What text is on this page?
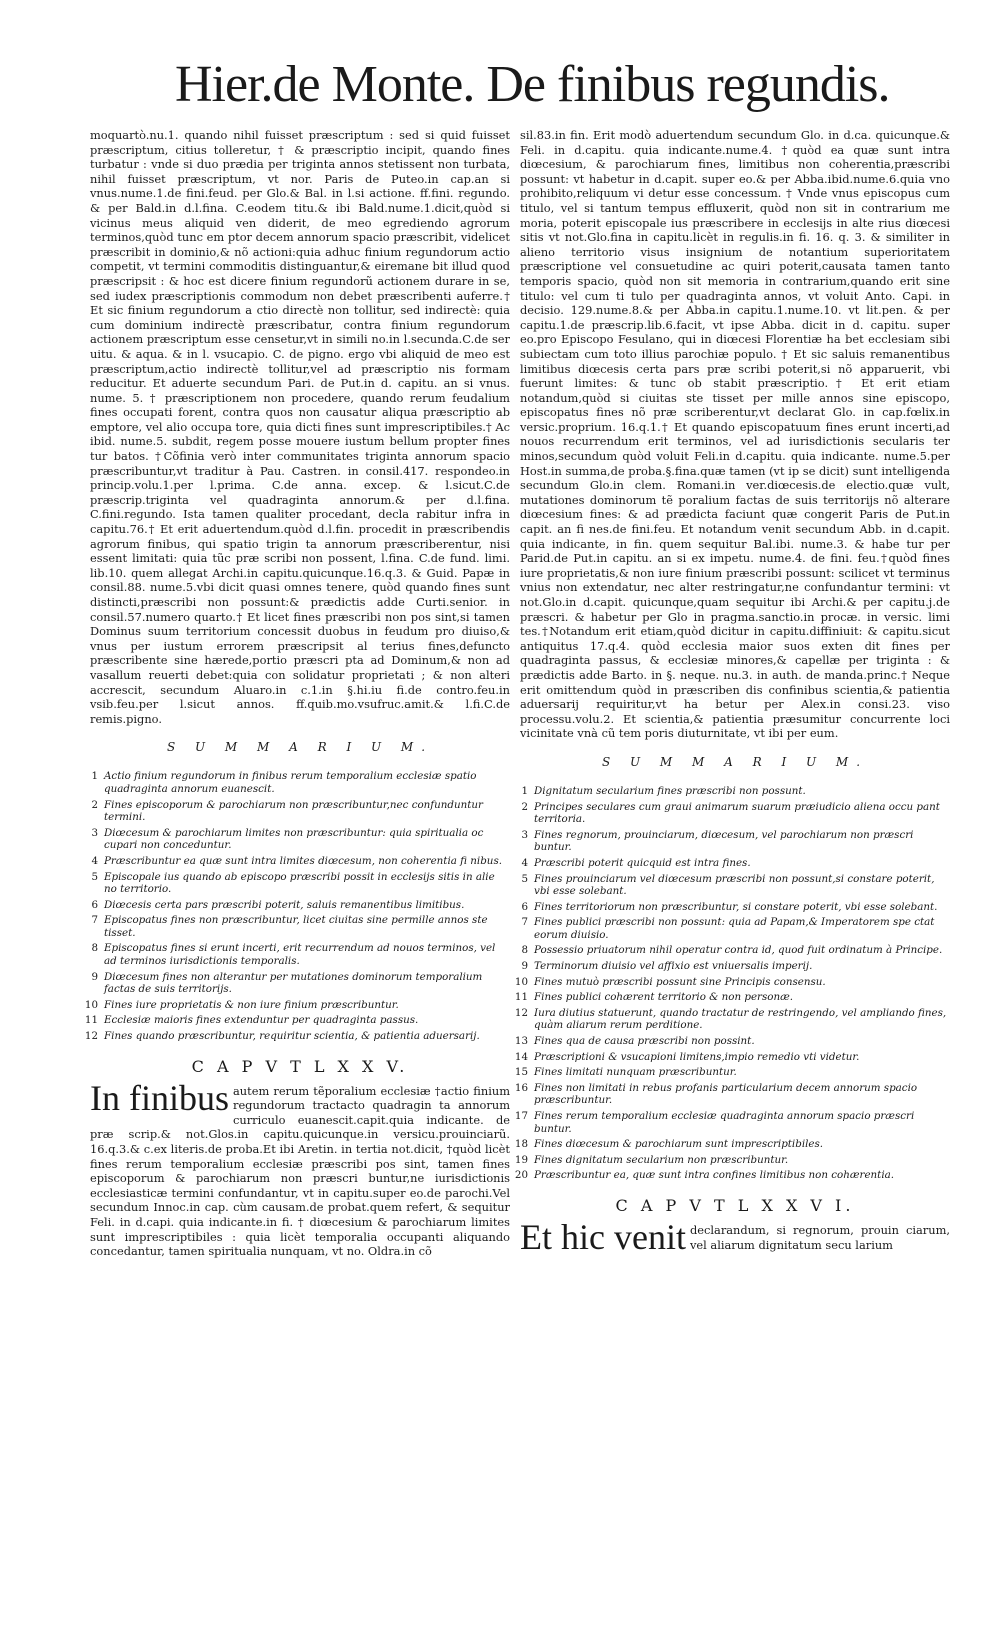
Hier.de Monte. De finibus regundis.

moquartò.nu.1. quando nihil fuisset præscriptum : sed si quid fuisset præscriptum, citius tolleretur, † & præscriptio incipit, quando fines turbatur : vnde si duo prædia per triginta annos stetissent non turbata, nihil fuisset præscriptum, vt nor. Paris de Puteo.in cap.an si vnus.nume.1.de fini.feud. per Glo.& Bal. in l.si actione. ff.fini. regundo. & per Bald.in d.l.fina. C.eodem titu.& ibi Bald.nume.1.dicit,quòd si vicinus meus aliquid ven diderit, de meo egrediendo agrorum terminos,quòd tunc em ptor decem annorum spacio præscribit, videlicet præscribit in dominio,& nõ actioni:quia adhuc finium regundorum actio competit, vt termini commoditis distinguantur,& eiremane bit illud quod præscripsit : & hoc est dicere finium regundorũ actionem durare in se, sed iudex præscriptionis commodum non debet præscribenti auferre.† Et sic finium regundorum a ctio directè non tollitur, sed indirectè: quia cum dominium indirectè præscribatur, contra finium regundorum actionem præscriptum esse censetur,vt in simili no.in l.secunda.C.de ser uitu. & aqua. & in l. vsucapio. C. de pigno. ergo vbi aliquid de meo est præscriptum,actio indirectè tollitur,vel ad præscriptio nis formam reducitur. Et aduerte secundum Pari. de Put.in d. capitu. an si vnus. nume. 5. † præscriptionem non procedere, quando rerum feudalium fines occupati forent, contra quos non causatur aliqua præscriptio ab emptore, vel alio occupa tore, quia dicti fines sunt imprescriptibiles.† Ac ibid. nume.5. subdit, regem posse mouere iustum bellum propter fines tur batos. †Cõfinia verò inter communitates triginta annorum spacio præscribuntur,vt traditur à Pau. Castren. in consil.417. respondeo.in princip.volu.1.per l.prima. C.de anna. excep. & l.sicut.C.de præscrip.triginta vel quadraginta annorum.& per d.l.fina. C.fini.regundo. Ista tamen qualiter procedant, decla rabitur infra in capitu.76.† Et erit aduertendum.quòd d.l.fin. procedit in præscribendis agrorum finibus, qui spatio trigin ta annorum præscriberentur, nisi essent limitati: quia tũc præ scribi non possent, l.fina. C.de fund. limi. lib.10. quem allegat Archi.in capitu.quicunque.16.q.3. & Guid. Papæ in consil.88. nume.5.vbi dicit quasi omnes tenere, quòd quando fines sunt distincti,præscribi non possunt:& prædictis adde Curti.senior. in consil.57.numero quarto.† Et licet fines præscribi non pos sint,si tamen Dominus suum territorium concessit duobus in feudum pro diuiso,& vnus per iustum errorem præscripsit al terius fines,defuncto præscribente sine hærede,portio præscri pta ad Dominum,& non ad vasallum reuerti debet:quia con solidatur proprietati ; & non alteri accrescit, secundum Aluaro.in c.1.in §.hi.iu fi.de contro.feu.in vsib.feu.per l.sicut annos. ff.quib.mo.vsufruc.amit.& l.fi.C.de remis.pigno.

S U M M A R I U M.
1 Actio finium regundorum in finibus rerum temporalium ecclesiæ spatio quadraginta annorum euanescit.
2 Fines episcoporum & parochiarum non præscribuntur,nec confunduntur termini.
3 Diœcesum & parochiarum limites non præscribuntur: quia spiritualia oc cupari non conceduntur.
4 Præscribuntur ea quæ sunt intra limites diœcesum, non coherentia fi nibus.
5 Episcopale ius quando ab episcopo præscribi possit in ecclesijs sitis in alie no territorio.
6 Diœcesis certa pars præscribi poterit, saluis remanentibus limitibus.
7 Episcopatus fines non præscribuntur, licet ciuitas sine permille annos ste tisset.
8 Episcopatus fines si erunt incerti, erit recurrendum ad nouos terminos, vel ad terminos iurisdictionis temporalis.
9 Diœcesum fines non alterantur per mutationes dominorum temporalium factas de suis territorijs.
10 Fines iure proprietatis & non iure finium præscribuntur.
11 Ecclesiæ maioris fines extenduntur per quadraginta passus.
12 Fines quando præscribuntur, requiritur scientia, & patientia aduersarij.
C A P V T L X X V.
In finibus autem rerum tẽporalium ecclesiæ †actio finium regundorum tractacto quadragin ta annorum curriculo euanescit.capit.quia indicante. de præ scrip.& not.Glos.in capitu.quicunque.in versicu.prouinciarũ. 16.q.3.& c.ex literis.de proba.Et ibi Aretin. in tertia not.dicit, †quòd licèt fines rerum temporalium ecclesiæ præscribi pos sint, tamen fines episcoporum & parochiarum non præscri buntur,ne iurisdictionis ecclesiasticæ termini confundantur, vt in capitu.super eo.de parochi.Vel secundum Innoc.in cap. cùm causam.de probat.quem refert, & sequitur Feli. in d.capi. quia indicante.in fi. † diœcesium & parochiarum limites sunt imprescriptibiles : quia licèt temporalia occupanti aliquando concedantur, tamen spiritualia nunquam, vt no. Oldra.in cõ

sil.83.in fin. Erit modò aduertendum secundum Glo. in d.ca. quicunque.& Feli. in d.capitu. quia indicante.nume.4. †quòd ea quæ sunt intra diœcesium, & parochiarum fines, limitibus non coherentia,præscribi possunt: vt habetur in d.capit. super eo.& per Abba.ibid.nume.6.quia vno prohibito,reliquum vi detur esse concessum. † Vnde vnus episcopus cum titulo, vel si tantum tempus effluxerit, quòd non sit in contrarium me moria, poterit episcopale ius præscribere in ecclesijs in alte rius diœcesi sitis vt not.Glo.fina in capitu.licèt in regulis.in fi. 16. q. 3. & similiter in alieno territorio visus insignium de notantium superioritatem præscriptione vel consuetudine ac quiri poterit,causata tamen tanto temporis spacio, quòd non sit memoria in contrarium,quando erit sine titulo: vel cum ti tulo per quadraginta annos, vt voluit Anto. Capi. in decisio. 129.nume.8.& per Abba.in capitu.1.nume.10. vt lit.pen. & per capitu.1.de præscrip.lib.6.facit, vt ipse Abba. dicit in d. capitu. super eo.pro Episcopo Fesulano, qui in diœcesi Florentiæ ha bet ecclesiam sibi subiectam cum toto illius parochiæ populo. † Et sic saluis remanentibus limitibus diœcesis certa pars præ scribi poterit,si nõ apparuerit, vbi fuerunt limites: & tunc ob stabit præscriptio.† Et erit etiam notandum,quòd si ciuitas ste tisset per mille annos sine episcopo, episcopatus fines nõ præ scriberentur,vt declarat Glo. in cap.fœlix.in versic.proprium. 16.q.1.† Et quando episcopatuum fines erunt incerti,ad nouos recurrendum erit terminos, vel ad iurisdictionis secularis ter minos,secundum quòd voluit Feli.in d.capitu. quia indicante. nume.5.per Host.in summa,de proba.§.fina.quæ tamen (vt ip se dicit) sunt intelligenda secundum Glo.in clem. Romani.in ver.diœcesis.de electio.quæ vult, mutationes dominorum tẽ poralium factas de suis territorijs nõ alterare diœcesium fines: & ad prædicta faciunt quæ congerit Paris de Put.in capit. an fi nes.de fini.feu. Et notandum venit secundum Abb. in d.capit. quia indicante, in fin. quem sequitur Bal.ibi. nume.3. & habe tur per Parid.de Put.in capitu. an si ex impetu. nume.4. de fini. feu.†quòd fines iure proprietatis,& non iure finium præscribi possunt: scilicet vt terminus vnius non extendatur, nec alter restringatur,ne confundantur termini: vt not.Glo.in d.capit. quicunque,quam sequitur ibi Archi.& per capitu.j.de præscri. & habetur per Glo in pragma.sanctio.in procæ. in versic. limi tes.†Notandum erit etiam,quòd dicitur in capitu.diffiniuit: & capitu.sicut antiquitus 17.q.4. quòd ecclesia maior suos exten dit fines per quadraginta passus, & ecclesiæ minores,& capellæ per triginta : & prædictis adde Barto. in §. neque. nu.3. in auth. de manda.princ.† Neque erit omittendum quòd in præscriben dis confinibus scientia,& patientia aduersarij requiritur,vt ha betur per Alex.in consi.23. viso processu.volu.2. Et scientia,& patientia præsumitur concurrente loci vicinitate vnà cũ tem poris diuturnitate, vt ibi per eum.

S U M M A R I U M.
1 Dignitatum secularium fines præscribi non possunt.
2 Principes seculares cum graui animarum suarum præiudicio aliena occu pant territoria.
3 Fines regnorum, prouinciarum, diœcesum, vel parochiarum non præscri buntur.
4 Præscribi poterit quicquid est intra fines.
5 Fines prouinciarum vel diœcesum præscribi non possunt,si constare poterit, vbi esse solebant.
6 Fines territoriorum non præscribuntur, si constare poterit, vbi esse solebant.
7 Fines publici præscribi non possunt: quia ad Papam,& Imperatorem spe ctat eorum diuisio.
8 Possessio priuatorum nihil operatur contra id, quod fuit ordinatum à Principe.
9 Terminorum diuisio vel affixio est vniuersalis imperij.
10 Fines mutuò præscribi possunt sine Principis consensu.
11 Fines publici cohærent territorio & non personæ.
12 Iura diutius statuerunt, quando tractatur de restringendo, vel ampliando fines, quàm aliarum rerum perditione.
13 Fines qua de causa præscribi non possint.
14 Præscriptioni & vsucapioni limitens,impio remedio vti videtur.
15 Fines limitati nunquam præscribuntur.
16 Fines non limitati in rebus profanis particularium decem annorum spacio præscribuntur.
17 Fines rerum temporalium ecclesiæ quadraginta annorum spacio præscri buntur.
18 Fines diœcesum & parochiarum sunt imprescriptibiles.
19 Fines dignitatum secularium non præscribuntur.
20 Præscribuntur ea, quæ sunt intra confines limitibus non cohærentia.
C A P V T L X X V I.
Et hic venit declarandum, si regnorum, prouin ciarum, vel aliarum dignitatum secu larium
